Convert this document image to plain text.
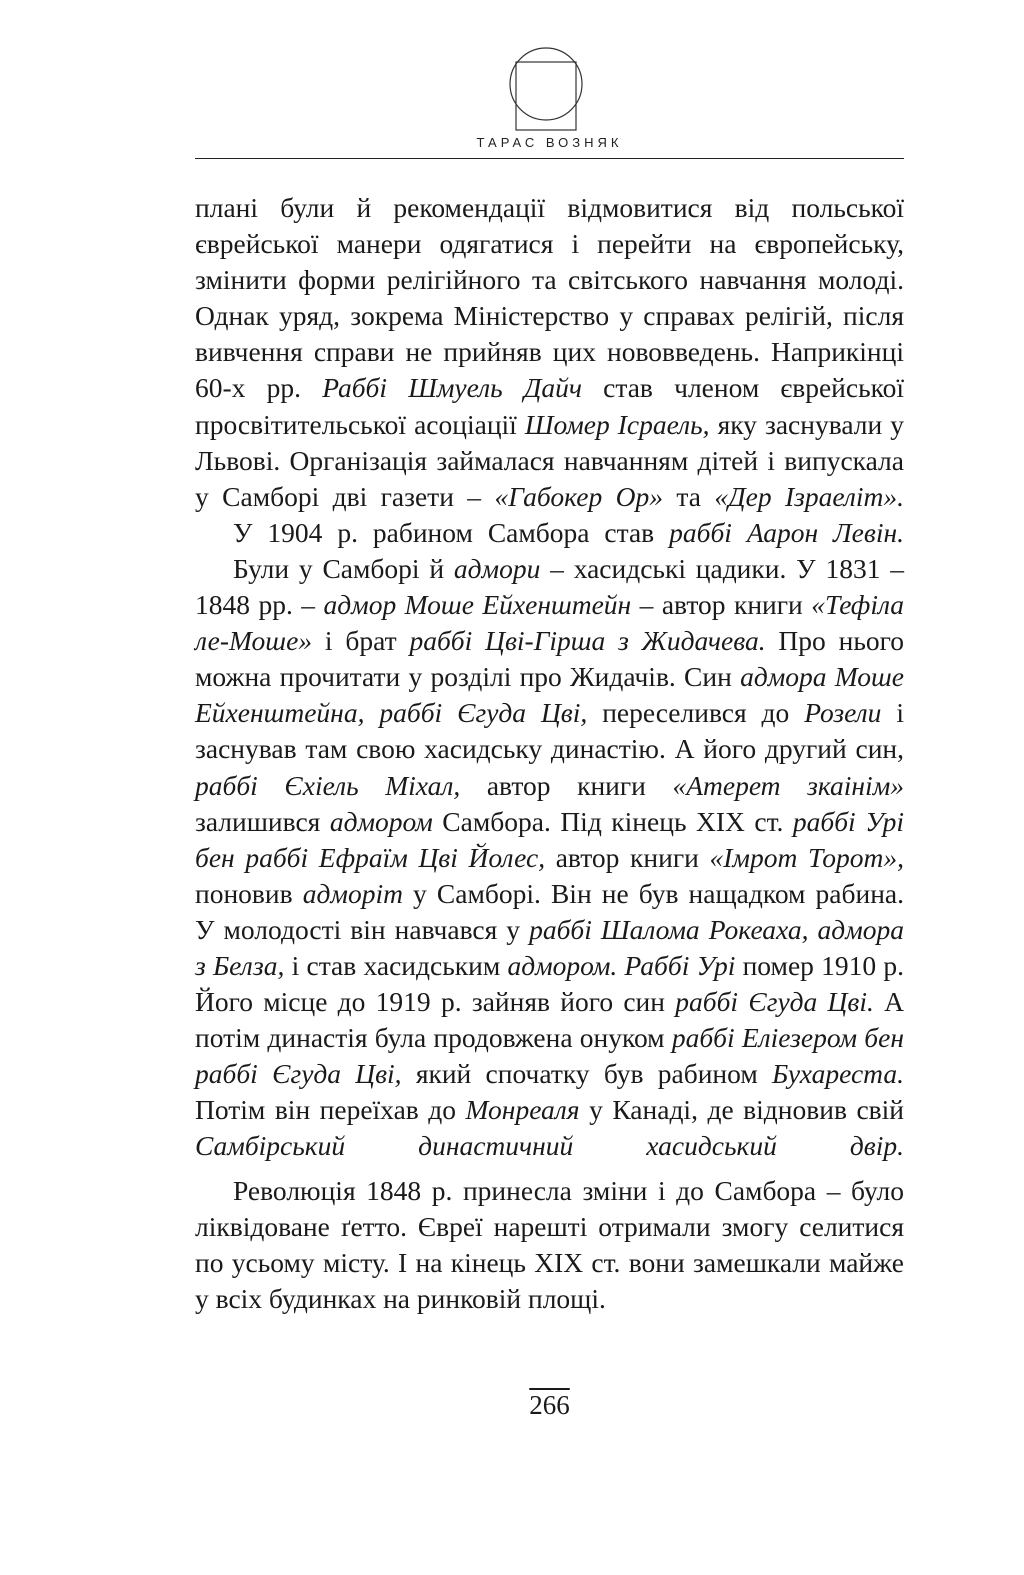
ТАРАС ВОЗНЯК

плані були й рекомендації відмовитися від польської єврейської манери одягатися і перейти на європейську, змінити форми релігійного та світського навчання молоді. Однак уряд, зокрема Міністерство у справах релігій, після вивчення справи не прийняв цих нововведень. Наприкінці 60-х рр. Раббі Шмуель Дайч став членом єврейської просвітительської асоціації Шомер Ісраель, яку заснували у Львові. Організація займалася навчанням дітей і випускала у Самборі дві газети – «Габокер Ор» та «Дер Ізраеліт».

У 1904 р. рабином Самбора став раббі Аарон Левін.

Були у Самборі й адмори – хасидські цадики. У 1831 – 1848 рр. – адмор Моше Ейхенштейн – автор книги «Тефіла ле-Моше» і брат раббі Цві-Гірша з Жидачева. Про нього можна прочитати у розділі про Жидачів. Син адмора Моше Ейхенштейна, раббі Єгуда Цві, переселився до Розели і заснував там свою хасидську династію. А його другий син, раббі Єхіель Міхал, автор книги «Атерет зкаінім» залишився адмором Самбора. Під кінець XIX ст. раббі Урі бен раббі Ефраїм Цві Йолес, автор книги «Імрот Торот», поновив адморіт у Самборі. Він не був нащадком рабина. У молодості він навчався у раббі Шалома Рокеаха, адмора з Белза, і став хасидським адмором. Раббі Урі помер 1910 р. Його місце до 1919 р. зайняв його син раббі Єгуда Цві. А потім династія була продовжена онуком раббі Еліезером бен раббі Єгуда Цві, який спочатку був рабином Бухареста. Потім він переїхав до Монреаля у Канаді, де відновив свій Самбірський династичний хасидський двір.

Революція 1848 р. принесла зміни і до Самбора – було ліквідоване ґетто. Євреї нарешті отримали змогу селитися по усьому місту. І на кінець XIX ст. вони замешкали майже у всіх будинках на ринковій площі.

266
